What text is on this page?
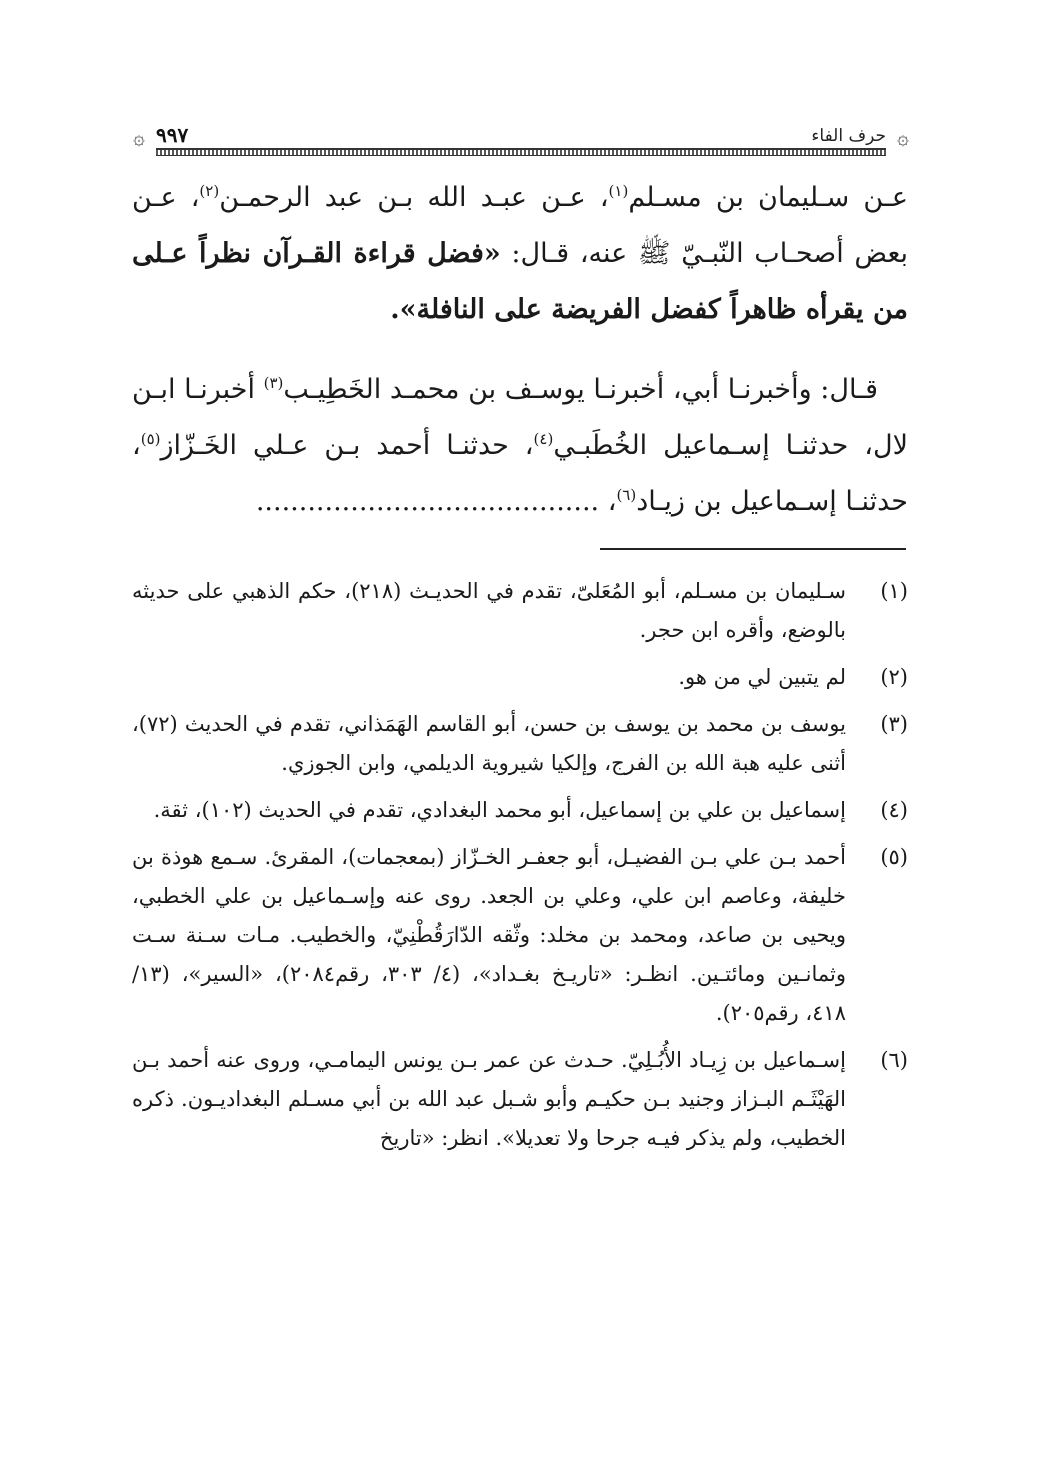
۞
حرف الفاء
٩٩٧
۞

عـن سـليمان بن مسـلم$^{(١)}$، عـن عبـد الله بـن عبد الرحمـن$^{(٢)}$، عـن بعض أصحـاب النّبـيّ ﷺ عنه، قـال: «فضل قراءة القـرآن نظراً عـلى من يقرأه ظاهراً كفضل الفريضة على النافلة».

قـال: وأخبرنـا أبي، أخبرنـا يوسـف بن محمـد الخَطِيـب$^{(٣)}$ أخبرنـا ابـن لال، حدثنـا إسـماعيل الخُطَبـي$^{(٤)}$، حدثنـا أحمد بـن عـلي الخَـزّاز$^{(٥)}$، حدثنـا إسـماعيل بن زيـاد$^{(٦)}$، ........................................

(١)

سـليمان بن مسـلم، أبو المُعَلىّ، تقدم في الحديـث (٢١٨)، حكم الذهبي على حديثه بالوضع، وأقره ابن حجر.

(٢)

لم يتبين لي من هو.

(٣)

يوسف بن محمد بن يوسف بن حسن، أبو القاسم الهَمَذاني، تقدم في الحديث (٧٢)، أثنى عليه هبة الله بن الفرج، وإلكيا شيروية الديلمي، وابن الجوزي.

(٤)

إسماعيل بن علي بن إسماعيل، أبو محمد البغدادي، تقدم في الحديث (١٠٢)، ثقة.

(٥)

أحمد بـن علي بـن الفضيـل، أبو جعفـر الخـزّاز (بمعجمات)، المقرئ. سـمع هوذة بن خليفة، وعاصم ابن علي، وعلي بن الجعد. روى عنه وإسـماعيل بن علي الخطبي، ويحيى بن صاعد، ومحمد بن مخلد: وثّقه الدّارَقُطْنِيّ، والخطيب. مـات سـنة سـت وثمانـين ومائتـين. انظـر: «تاريـخ بغـداد»، (٤/ ٣٠٣، رقم٢٠٨٤)، «السير»، (١٣/ ٤١٨، رقم٢٠٥).

(٦)

إسـماعيل بن زِيـاد الأُبُـلِيّ. حـدث عن عمر بـن يونس اليمامـي، وروى عنه أحمد بـن الهَيْثَـم البـزاز وجنيد بـن حكيـم وأبو شـبل عبد الله بن أبي مسـلم البغداديـون. ذكره الخطيب، ولم يذكر فيـه جرحا ولا تعديلا». انظر: «تاريخ
